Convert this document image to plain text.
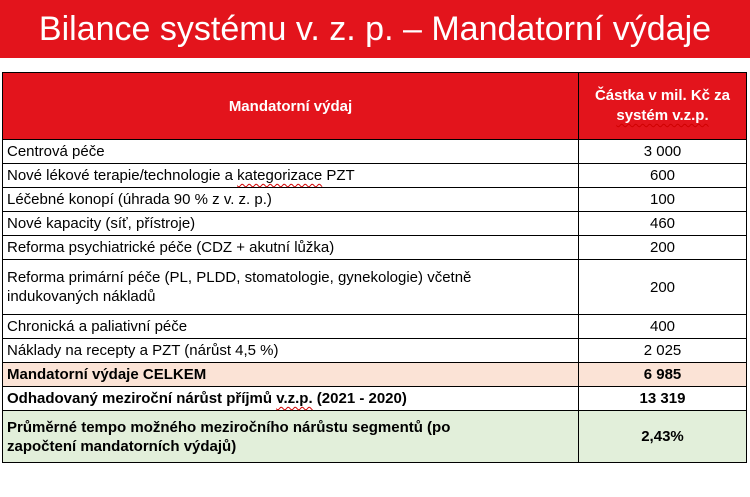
Bilance systému v. z. p. – Mandatorní výdaje
Mandatorní výdaj	Částka v mil. Kč za
systém v.z.p.
Centrová péče	3 000
Nové lékové terapie/technologie a kategorizace PZT	600
Léčebné konopí (úhrada 90 % z v. z. p.)	100
Nové kapacity (síť, přístroje)	460
Reforma psychiatrické péče (CDZ + akutní lůžka)	200
Reforma primární péče (PL, PLDD, stomatologie, gynekologie) včetně
indukovaných nákladů	200
Chronická a paliativní péče	400
Náklady na recepty a PZT (nárůst 4,5 %)	2 025
Mandatorní výdaje CELKEM	6 985
Odhadovaný meziroční nárůst příjmů v.z.p. (2021 - 2020)	13 319
Průměrné tempo možného meziročního nárůstu segmentů (po
započtení mandatorních výdajů)	2,43%
